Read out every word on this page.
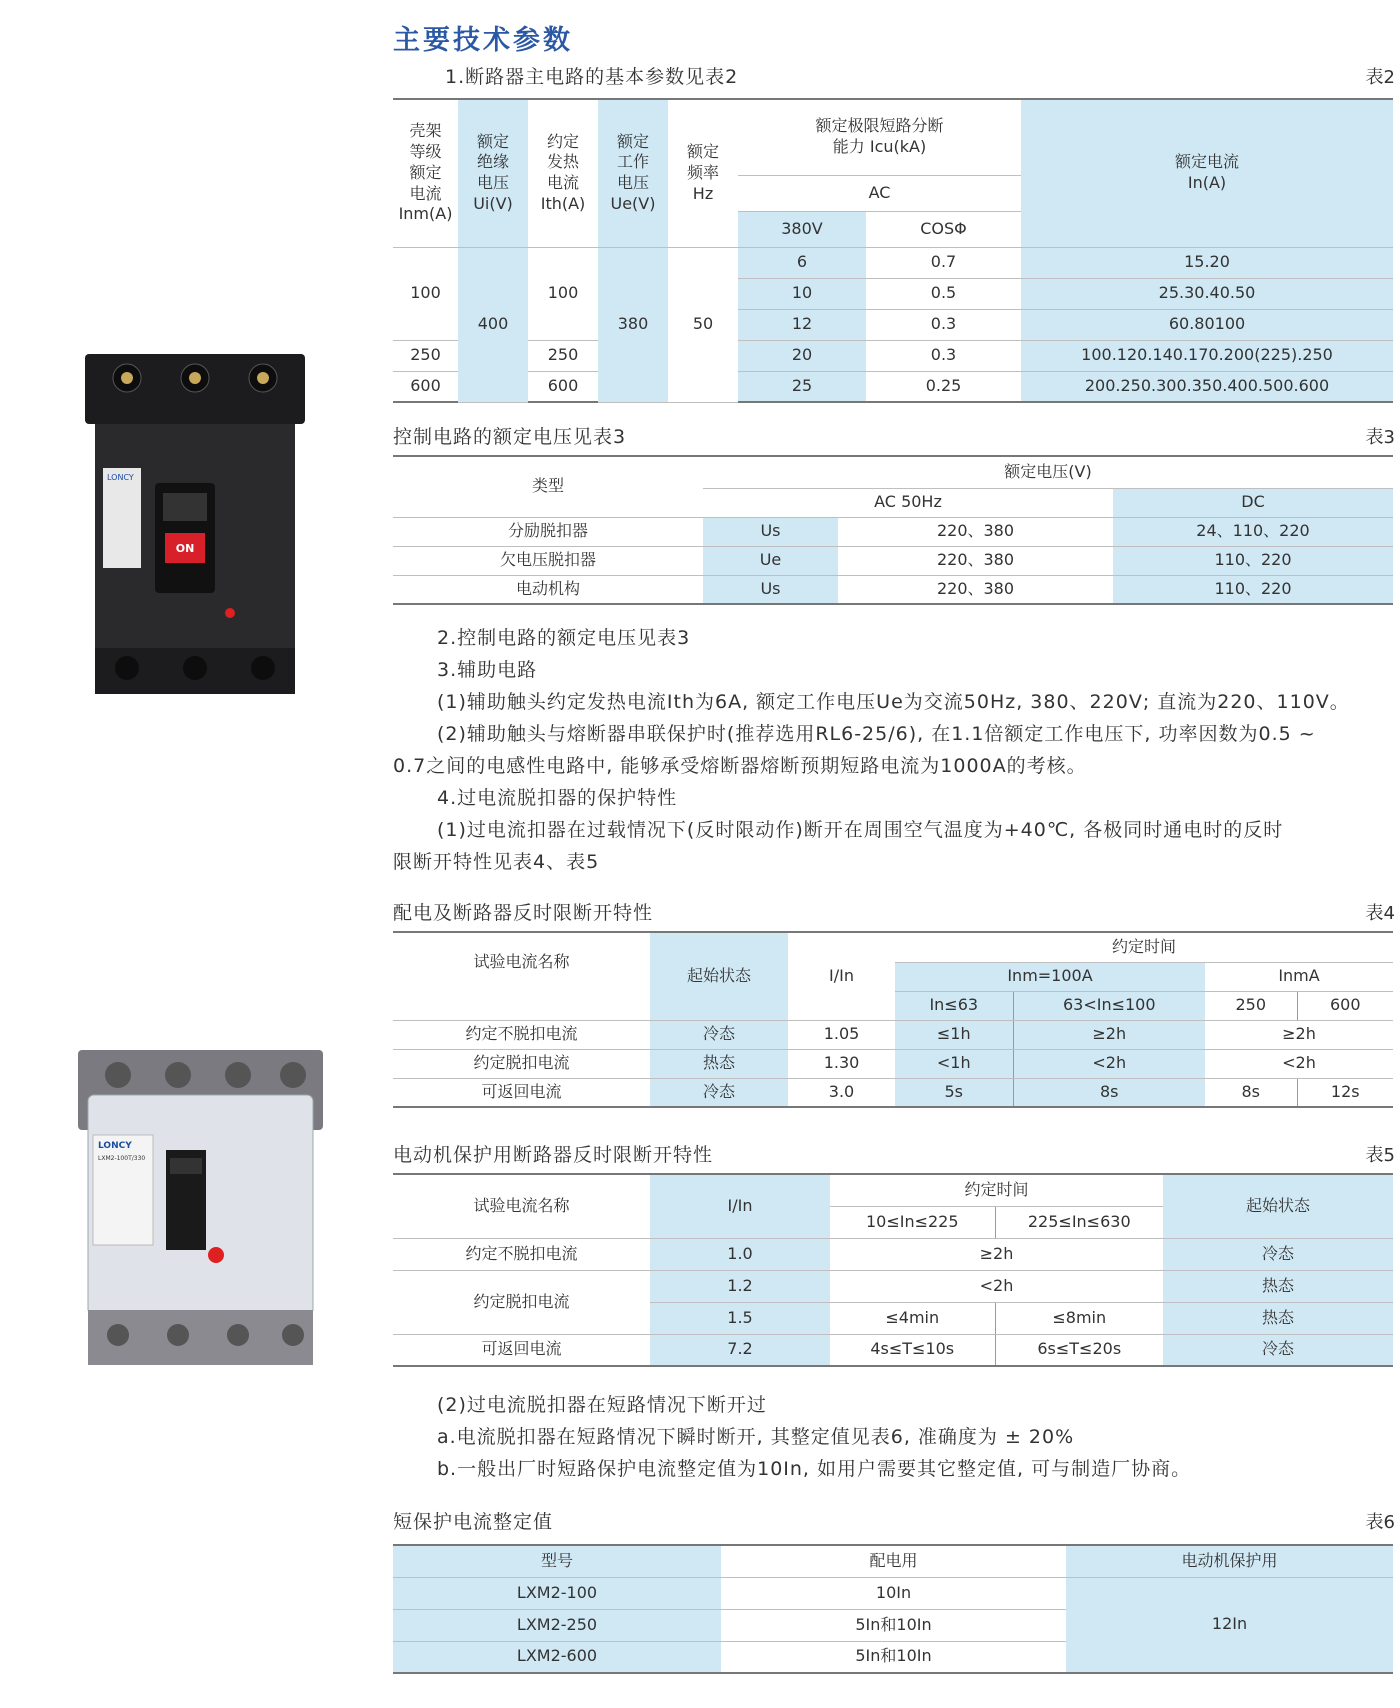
LONCY
ON
LONCY
LXM2-100T/330
主要技术参数
1.断路器主电路的基本参数见表2	表2
壳架
等级
额定
电流
Inm(A)	额定
绝缘
电压
Ui(V)	约定
发热
电流
Ith(A)	额定
工作
电压
Ue(V)	额定
频率
Hz	额定极限短路分断
能力 Icu(kA)		额定电流
In(A)
					AC		
					380V	COSΦ	
100	400	100	380	50	6	0.7	15.20
					10	0.5	25.30.40.50
					12	0.3	60.80100
250		250			20	0.3	100.120.140.170.200(225).250
600		600			25	0.25	200.250.300.350.400.500.600
控制电路的额定电压见表3	表3
类型	额定电压(V)		
	AC 50Hz		DC
分励脱扣器	Us	220、380	24、110、220
欠电压脱扣器	Ue	220、380	110、220
电动机构	Us	220、380	110、220
2.控制电路的额定电压见表3
3.辅助电路
(1)辅助触头约定发热电流Ith为6A, 额定工作电压Ue为交流50Hz, 380、220V; 直流为220、110V。
(2)辅助触头与熔断器串联保护时(推荐选用RL6-25/6), 在1.1倍额定工作电压下, 功率因数为0.5 ~
0.7之间的电感性电路中, 能够承受熔断器熔断预期短路电流为1000A的考核。
4.过电流脱扣器的保护特性
(1)过电流扣器在过载情况下(反时限动作)断开在周围空气温度为+40℃, 各极同时通电时的反时
限断开特性见表4、表5
配电及断路器反时限断开特性	表4
试验电流名称	起始状态	I/In	约定时间			
			Inm=100A		InmA	
			In≤63	63<In≤100	250	600
约定不脱扣电流	冷态	1.05	≤1h	≥2h	≥2h	
约定脱扣电流	热态	1.30	<1h	<2h	<2h	
可返回电流	冷态	3.0	5s	8s	8s	12s
电动机保护用断路器反时限断开特性	表5
试验电流名称	I/In	约定时间		起始状态
		10≤In≤225	225≤In≤630	
约定不脱扣电流	1.0	≥2h		冷态
约定脱扣电流	1.2	<2h		热态
	1.5	≤4min	≤8min	热态
可返回电流	7.2	4s≤T≤10s	6s≤T≤20s	冷态
(2)过电流脱扣器在短路情况下断开过
a.电流脱扣器在短路情况下瞬时断开, 其整定值见表6, 准确度为 ± 20%
b.一般出厂时短路保护电流整定值为10In, 如用户需要其它整定值, 可与制造厂协商。
短保护电流整定值	表6
型号	配电用	电动机保护用
LXM2-100	10In	12In
LXM2-250	5In和10In	
LXM2-600	5In和10In	
